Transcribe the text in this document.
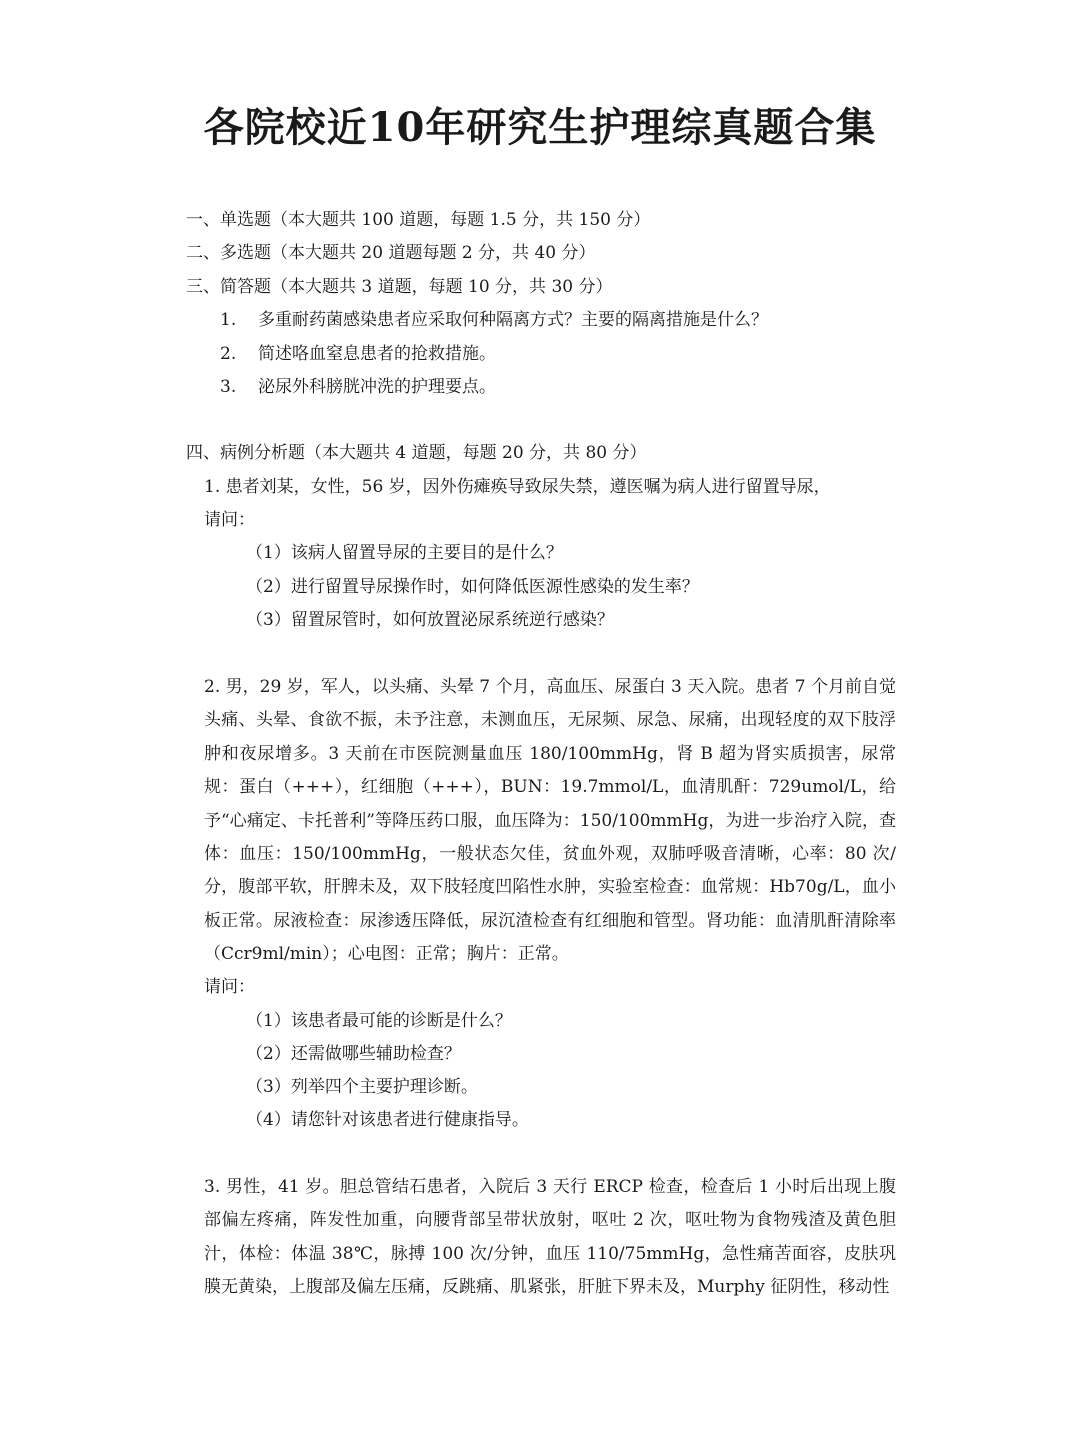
各院校近10年研究生护理综真题合集
一、单选题（本大题共 100 道题，每题 1.5 分，共 150 分）
二、多选题（本大题共 20 道题每题 2 分，共 40 分）
三、简答题（本大题共 3 道题，每题 10 分，共 30 分）
1. 多重耐药菌感染患者应采取何种隔离方式？主要的隔离措施是什么？
2. 简述咯血窒息患者的抢救措施。
3. 泌尿外科膀胱冲洗的护理要点。
四、病例分析题（本大题共 4 道题，每题 20 分，共 80 分）
1. 患者刘某，女性，56 岁，因外伤瘫痪导致尿失禁，遵医嘱为病人进行留置导尿，
请问：
（1）该病人留置导尿的主要目的是什么？
（2）进行留置导尿操作时，如何降低医源性感染的发生率？
（3）留置尿管时，如何放置泌尿系统逆行感染？
2. 男，29 岁，军人，以头痛、头晕 7 个月，高血压、尿蛋白 3 天入院。患者 7 个月前自觉头痛、头晕、食欲不振，未予注意，未测血压，无尿频、尿急、尿痛，出现轻度的双下肢浮肿和夜尿增多。3 天前在市医院测量血压 180/100mmHg，肾 B 超为肾实质损害，尿常规：蛋白（+++），红细胞（+++），BUN：19.7mmol/L，血清肌酐：729umol/L，给予“心痛定、卡托普利”等降压药口服，血压降为：150/100mmHg，为进一步治疗入院，查体：血压：150/100mmHg，一般状态欠佳，贫血外观，双肺呼吸音清晰，心率：80 次/分，腹部平软，肝脾未及，双下肢轻度凹陷性水肿，实验室检查：血常规：Hb70g/L，血小板正常。尿液检查：尿渗透压降低，尿沉渣检查有红细胞和管型。肾功能：血清肌酐清除率（Ccr9ml/min）；心电图：正常；胸片：正常。
请问：
（1）该患者最可能的诊断是什么？
（2）还需做哪些辅助检查？
（3）列举四个主要护理诊断。
（4）请您针对该患者进行健康指导。
3. 男性，41 岁。胆总管结石患者，入院后 3 天行 ERCP 检查，检查后 1 小时后出现上腹部偏左疼痛，阵发性加重，向腰背部呈带状放射，呕吐 2 次，呕吐物为食物残渣及黄色胆汁，体检：体温 38℃，脉搏 100 次/分钟，血压 110/75mmHg，急性痛苦面容，皮肤巩膜无黄染，上腹部及偏左压痛，反跳痛、肌紧张，肝脏下界未及，Murphy 征阴性，移动性
